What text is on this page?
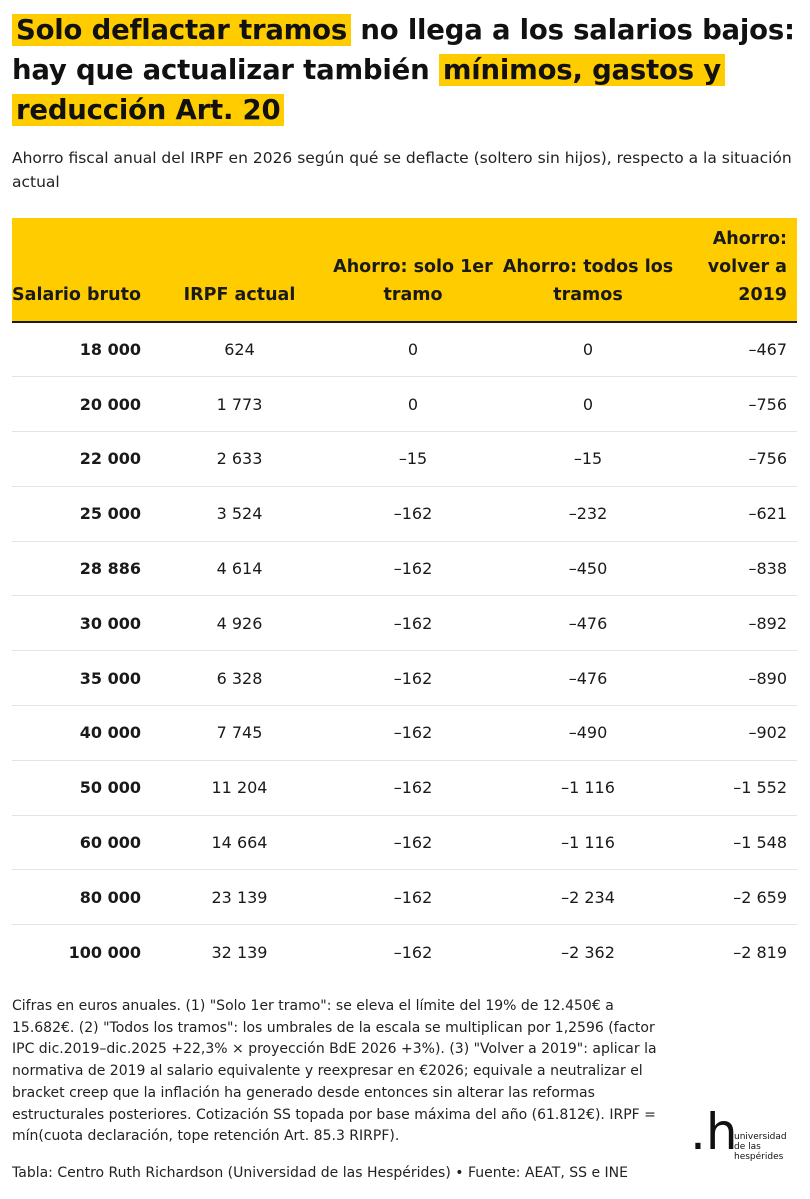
Solo deflactar tramos no llega a los salarios bajos: hay que actualizar también mínimos, gastos y reducción Art. 20

Ahorro fiscal anual del IRPF en 2026 según qué se deflacte (soltero sin hijos), respecto a la situación actual

Salario bruto	IRPF actual	Ahorro: solo 1er tramo	Ahorro: todos los tramos	Ahorro: volver a 2019
18 000	624	0	0	–467
20 000	1 773	0	0	–756
22 000	2 633	–15	–15	–756
25 000	3 524	–162	–232	–621
28 886	4 614	–162	–450	–838
30 000	4 926	–162	–476	–892
35 000	6 328	–162	–476	–890
40 000	7 745	–162	–490	–902
50 000	11 204	–162	–1 116	–1 552
60 000	14 664	–162	–1 116	–1 548
80 000	23 139	–162	–2 234	–2 659
100 000	32 139	–162	–2 362	–2 819

Cifras en euros anuales. (1) "Solo 1er tramo": se eleva el límite del 19% de 12.450€ a 15.682€. (2) "Todos los tramos": los umbrales de la escala se multiplican por 1,2596 (factor IPC dic.2019–dic.2025 +22,3% × proyección BdE 2026 +3%). (3) "Volver a 2019": aplicar la normativa de 2019 al salario equivalente y reexpresar en €2026; equivale a neutralizar el bracket creep que la inflación ha generado desde entonces sin alterar las reformas estructurales posteriores. Cotización SS topada por base máxima del año (61.812€). IRPF = mín(cuota declaración, tope retención Art. 85.3 RIRPF).

Tabla: Centro Ruth Richardson (Universidad de las Hespérides) • Fuente: AEAT, SS e INE

universidad
de las
hespérides
.h
